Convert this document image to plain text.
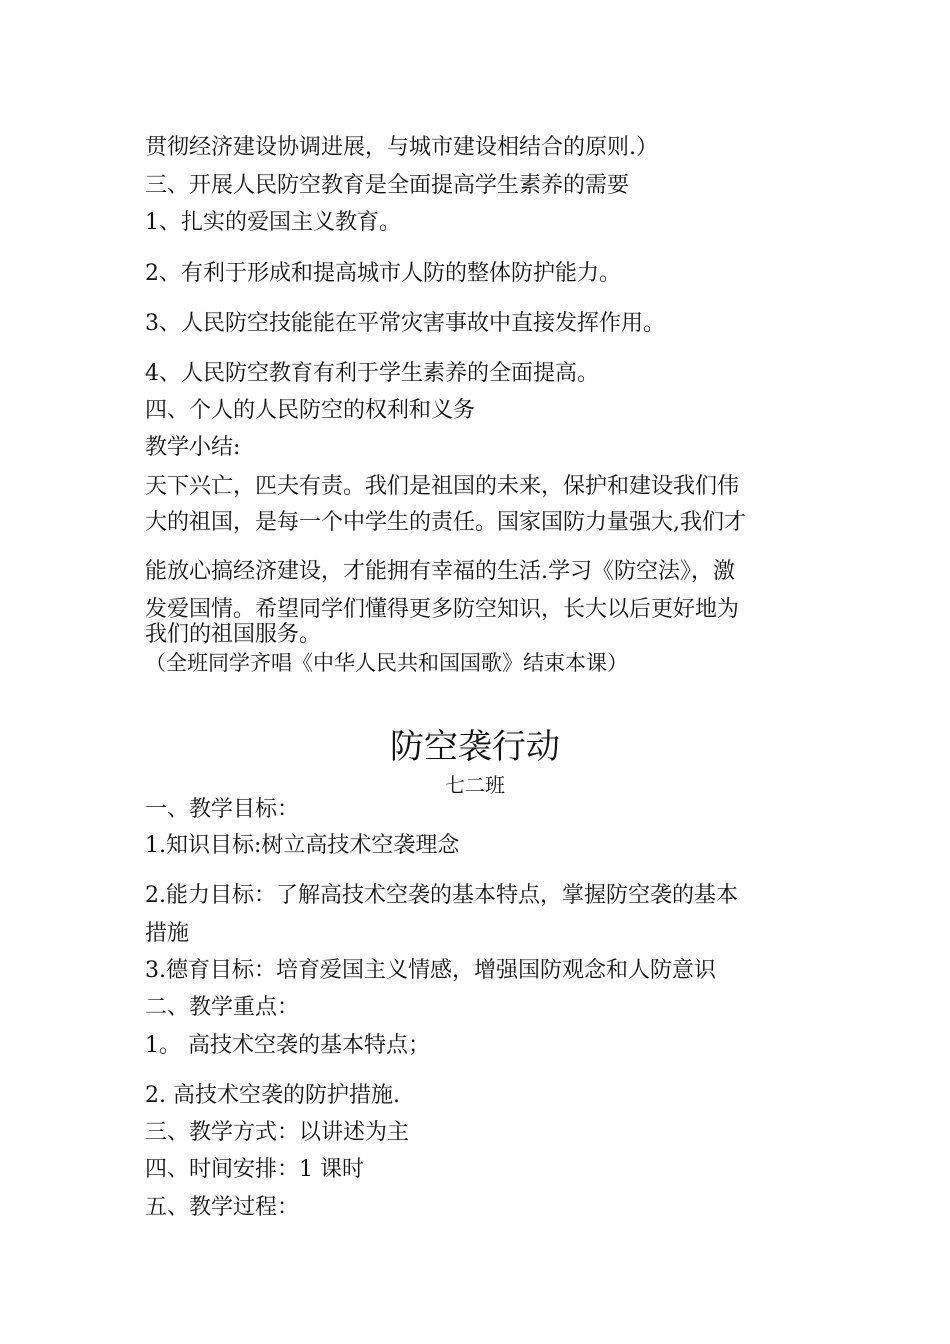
贯彻经济建设协调进展，与城市建设相结合的原则.）
三、开展人民防空教育是全面提高学生素养的需要
1、扎实的爱国主义教育。
2、有利于形成和提高城市人防的整体防护能力。
3、人民防空技能能在平常灾害事故中直接发挥作用。
4、人民防空教育有利于学生素养的全面提高。
四、个人的人民防空的权利和义务
教学小结:
天下兴亡，匹夫有责。我们是祖国的未来，保护和建设我们伟
大的祖国，是每一个中学生的责任。国家国防力量强大,我们才
能放心搞经济建设，才能拥有幸福的生活.学习《防空法》，激
发爱国情。希望同学们懂得更多防空知识，长大以后更好地为
我们的祖国服务。
（全班同学齐唱《中华人民共和国国歌》结束本课）
防空袭行动
七二班
一、教学目标：
1.知识目标:树立高技术空袭理念
2.能力目标：了解高技术空袭的基本特点，掌握防空袭的基本
措施
3.德育目标：培育爱国主义情感，增强国防观念和人防意识
二、教学重点：
1。 高技术空袭的基本特点；
2. 高技术空袭的防护措施.
三、教学方式：以讲述为主
四、时间安排：1 课时
五、教学过程：
